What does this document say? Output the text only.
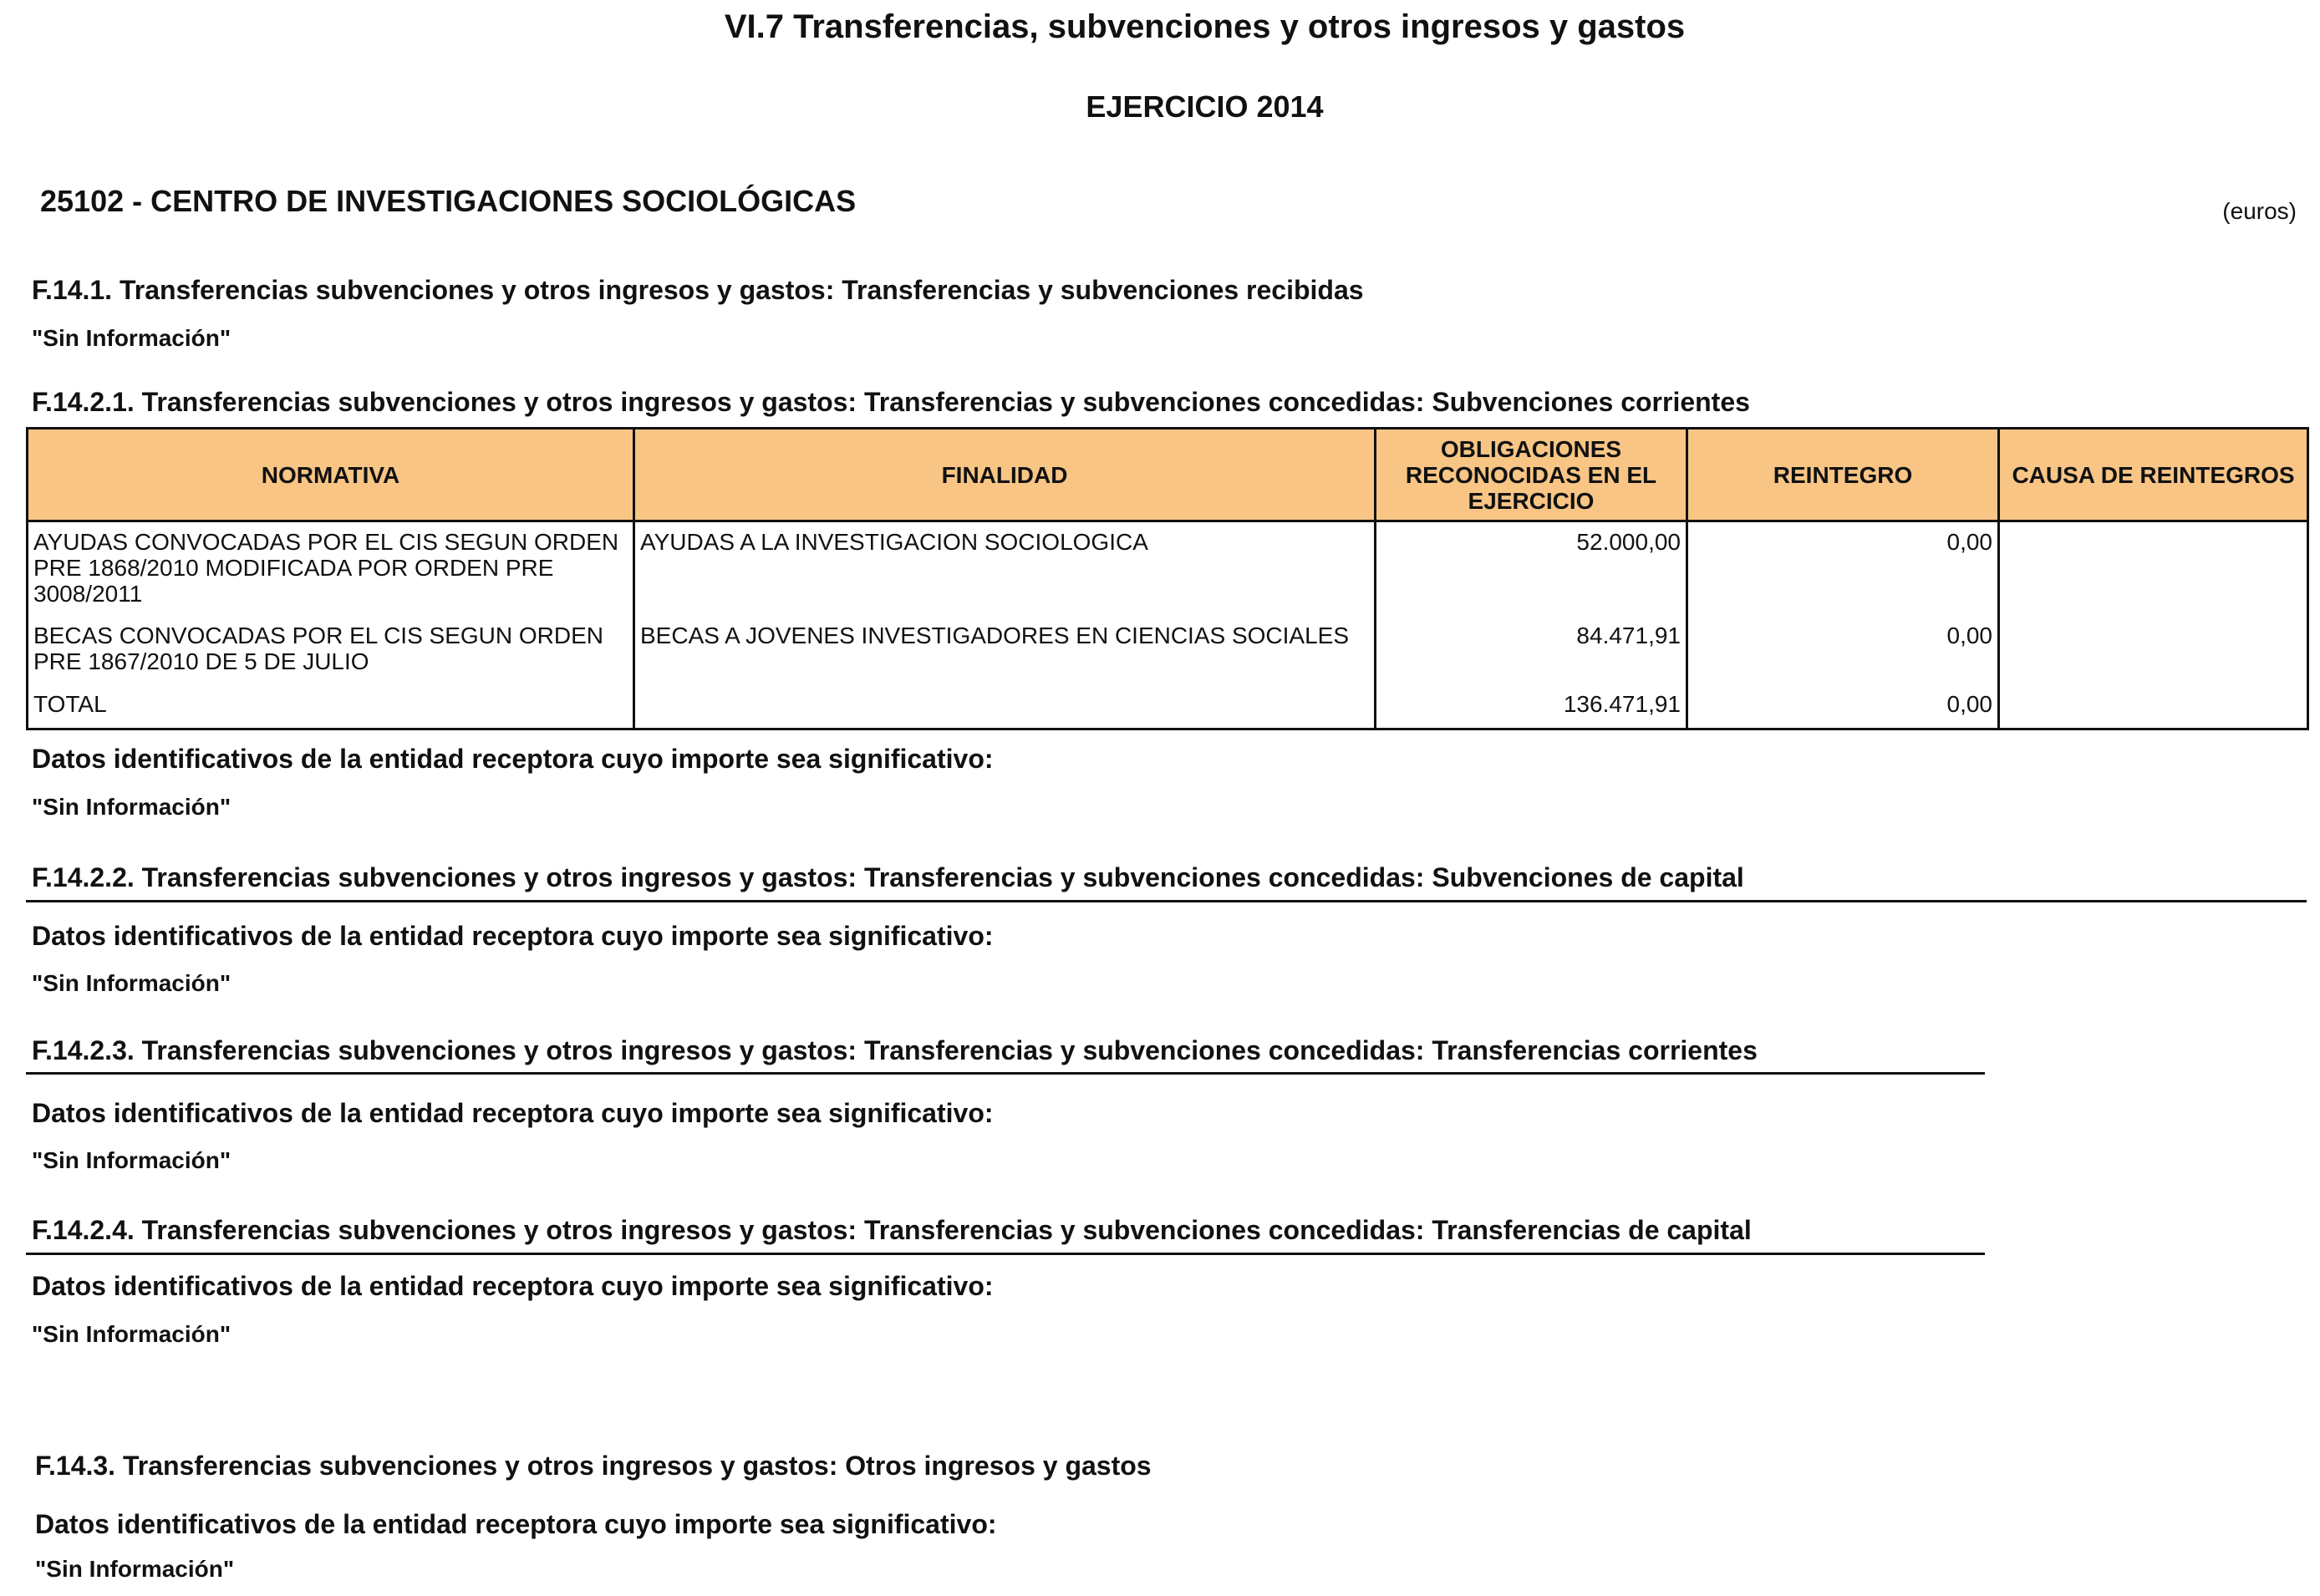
VI.7 Transferencias, subvenciones y otros ingresos y gastos
EJERCICIO 2014
25102 - CENTRO DE INVESTIGACIONES SOCIOLÓGICAS	(euros)
F.14.1. Transferencias subvenciones y otros ingresos y gastos: Transferencias y subvenciones recibidas
"Sin Información"
F.14.2.1. Transferencias subvenciones y otros ingresos y gastos: Transferencias y subvenciones concedidas: Subvenciones corrientes
NORMATIVA	FINALIDAD	OBLIGACIONES RECONOCIDAS EN EL EJERCICIO	REINTEGRO	CAUSA DE REINTEGROS
AYUDAS CONVOCADAS POR EL CIS SEGUN ORDEN PRE 1868/2010 MODIFICADA POR ORDEN PRE 3008/2011	AYUDAS A LA INVESTIGACION SOCIOLOGICA	52.000,00	0,00	
BECAS CONVOCADAS POR EL CIS SEGUN ORDEN PRE 1867/2010 DE 5 DE JULIO	BECAS A JOVENES INVESTIGADORES EN CIENCIAS SOCIALES	84.471,91	0,00	
TOTAL		136.471,91	0,00	
Datos identificativos de la entidad receptora cuyo importe sea significativo:
"Sin Información"
F.14.2.2. Transferencias subvenciones y otros ingresos y gastos: Transferencias y subvenciones concedidas: Subvenciones de capital
Datos identificativos de la entidad receptora cuyo importe sea significativo:
"Sin Información"
F.14.2.3. Transferencias subvenciones y otros ingresos y gastos: Transferencias y subvenciones concedidas: Transferencias corrientes
Datos identificativos de la entidad receptora cuyo importe sea significativo:
"Sin Información"
F.14.2.4. Transferencias subvenciones y otros ingresos y gastos: Transferencias y subvenciones concedidas: Transferencias de capital
Datos identificativos de la entidad receptora cuyo importe sea significativo:
"Sin Información"
F.14.3. Transferencias subvenciones y otros ingresos y gastos: Otros ingresos y gastos
Datos identificativos de la entidad receptora cuyo importe sea significativo:
"Sin Información"
